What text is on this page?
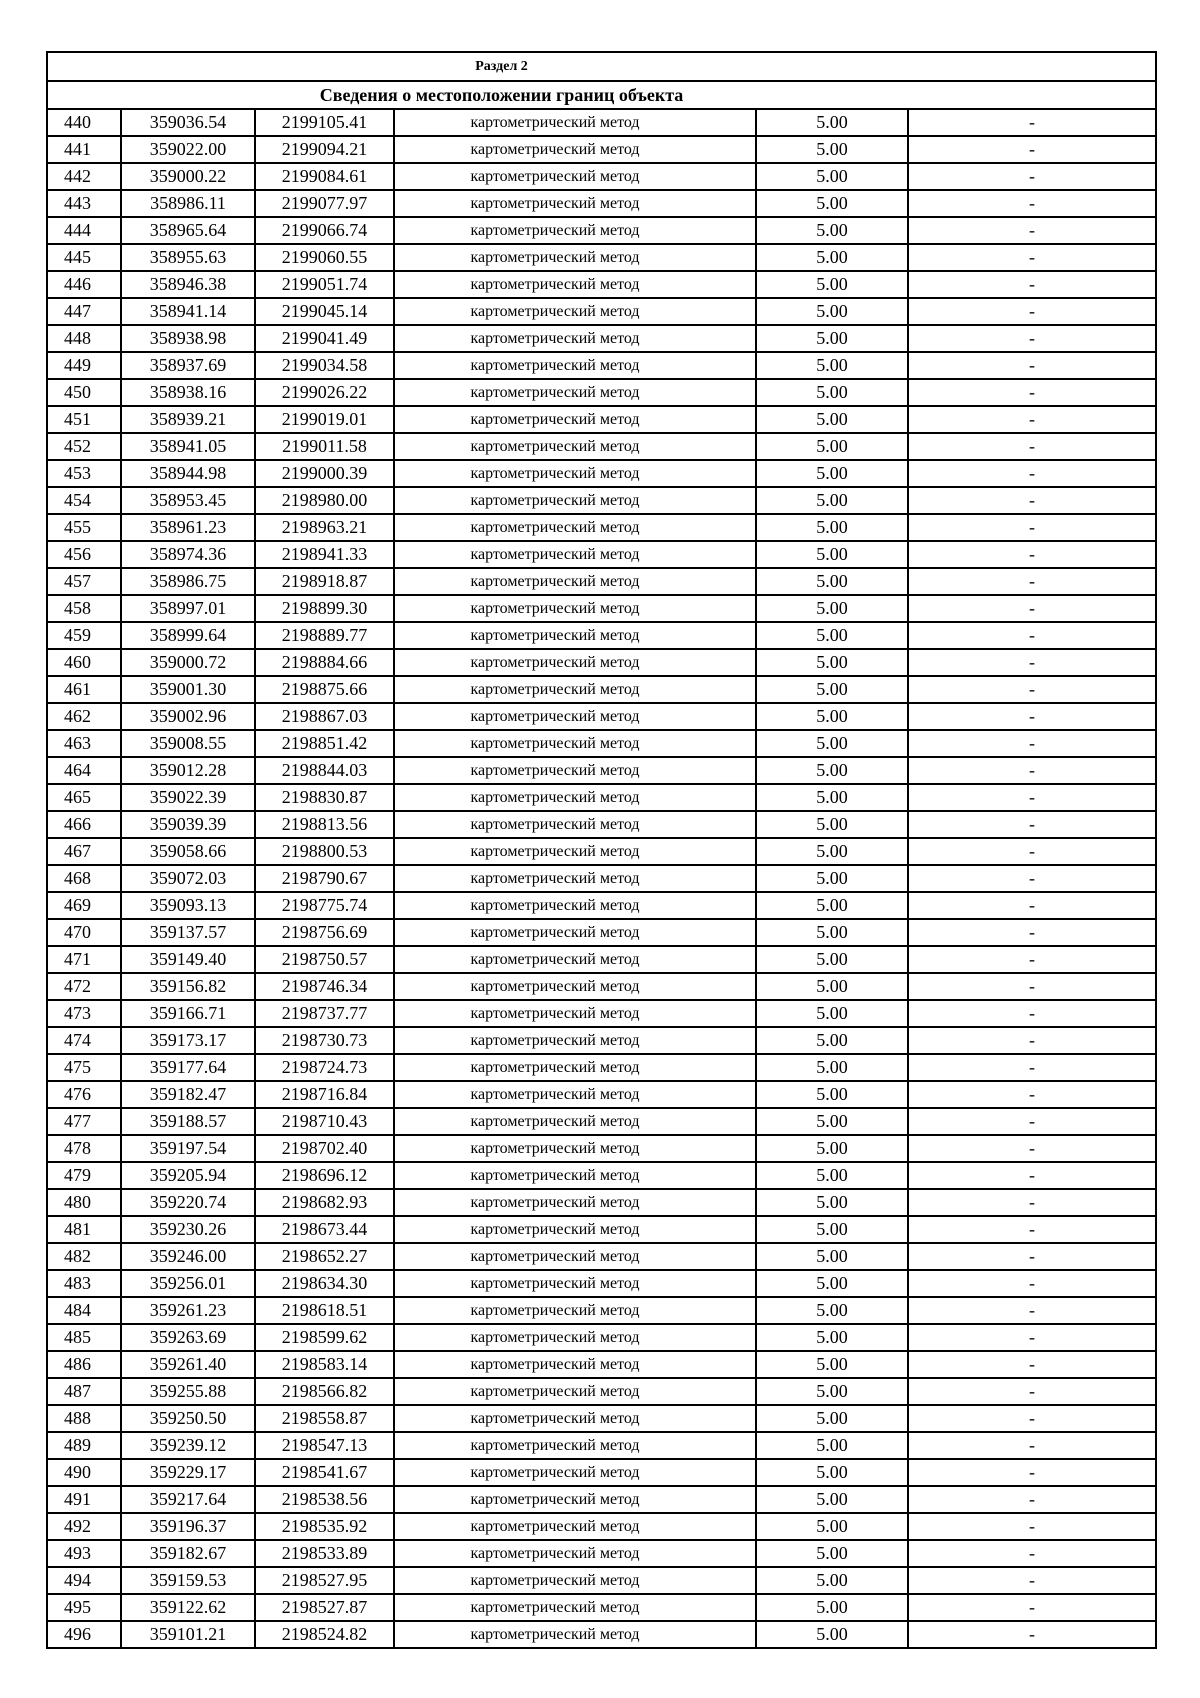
Раздел 2					
Сведения о местоположении границ объекта					
440	359036.54	2199105.41	картометрический метод	5.00	-
441	359022.00	2199094.21	картометрический метод	5.00	-
442	359000.22	2199084.61	картометрический метод	5.00	-
443	358986.11	2199077.97	картометрический метод	5.00	-
444	358965.64	2199066.74	картометрический метод	5.00	-
445	358955.63	2199060.55	картометрический метод	5.00	-
446	358946.38	2199051.74	картометрический метод	5.00	-
447	358941.14	2199045.14	картометрический метод	5.00	-
448	358938.98	2199041.49	картометрический метод	5.00	-
449	358937.69	2199034.58	картометрический метод	5.00	-
450	358938.16	2199026.22	картометрический метод	5.00	-
451	358939.21	2199019.01	картометрический метод	5.00	-
452	358941.05	2199011.58	картометрический метод	5.00	-
453	358944.98	2199000.39	картометрический метод	5.00	-
454	358953.45	2198980.00	картометрический метод	5.00	-
455	358961.23	2198963.21	картометрический метод	5.00	-
456	358974.36	2198941.33	картометрический метод	5.00	-
457	358986.75	2198918.87	картометрический метод	5.00	-
458	358997.01	2198899.30	картометрический метод	5.00	-
459	358999.64	2198889.77	картометрический метод	5.00	-
460	359000.72	2198884.66	картометрический метод	5.00	-
461	359001.30	2198875.66	картометрический метод	5.00	-
462	359002.96	2198867.03	картометрический метод	5.00	-
463	359008.55	2198851.42	картометрический метод	5.00	-
464	359012.28	2198844.03	картометрический метод	5.00	-
465	359022.39	2198830.87	картометрический метод	5.00	-
466	359039.39	2198813.56	картометрический метод	5.00	-
467	359058.66	2198800.53	картометрический метод	5.00	-
468	359072.03	2198790.67	картометрический метод	5.00	-
469	359093.13	2198775.74	картометрический метод	5.00	-
470	359137.57	2198756.69	картометрический метод	5.00	-
471	359149.40	2198750.57	картометрический метод	5.00	-
472	359156.82	2198746.34	картометрический метод	5.00	-
473	359166.71	2198737.77	картометрический метод	5.00	-
474	359173.17	2198730.73	картометрический метод	5.00	-
475	359177.64	2198724.73	картометрический метод	5.00	-
476	359182.47	2198716.84	картометрический метод	5.00	-
477	359188.57	2198710.43	картометрический метод	5.00	-
478	359197.54	2198702.40	картометрический метод	5.00	-
479	359205.94	2198696.12	картометрический метод	5.00	-
480	359220.74	2198682.93	картометрический метод	5.00	-
481	359230.26	2198673.44	картометрический метод	5.00	-
482	359246.00	2198652.27	картометрический метод	5.00	-
483	359256.01	2198634.30	картометрический метод	5.00	-
484	359261.23	2198618.51	картометрический метод	5.00	-
485	359263.69	2198599.62	картометрический метод	5.00	-
486	359261.40	2198583.14	картометрический метод	5.00	-
487	359255.88	2198566.82	картометрический метод	5.00	-
488	359250.50	2198558.87	картометрический метод	5.00	-
489	359239.12	2198547.13	картометрический метод	5.00	-
490	359229.17	2198541.67	картометрический метод	5.00	-
491	359217.64	2198538.56	картометрический метод	5.00	-
492	359196.37	2198535.92	картометрический метод	5.00	-
493	359182.67	2198533.89	картометрический метод	5.00	-
494	359159.53	2198527.95	картометрический метод	5.00	-
495	359122.62	2198527.87	картометрический метод	5.00	-
496	359101.21	2198524.82	картометрический метод	5.00	-
